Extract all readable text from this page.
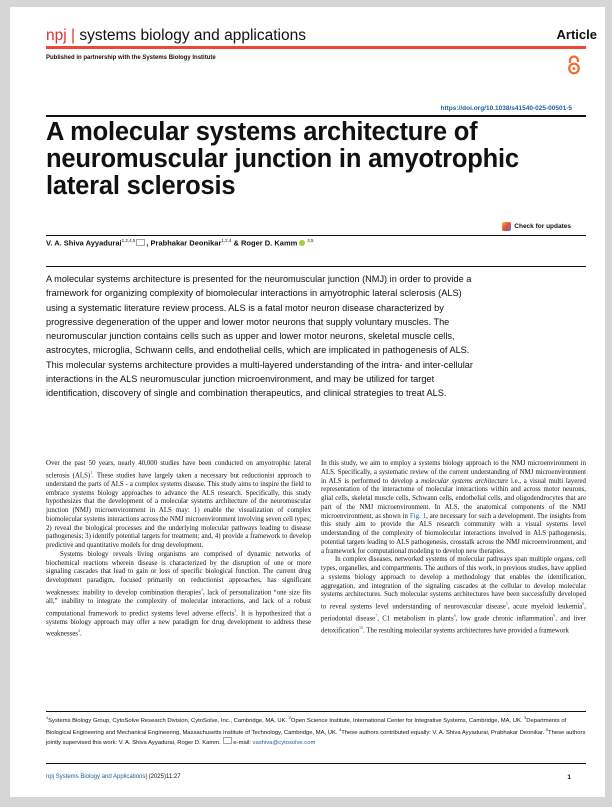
npj | systems biology and applications	Article
Published in partnership with the Systems Biology Institute
https://doi.org/10.1038/s41540-025-00501-5
A molecular systems architecture of neuromuscular junction in amyotrophic lateral sclerosis
Check for updates
V. A. Shiva Ayyadurai$^{1,2,4,5}$ , Prabhakar Deonikar$^{1,2,4}$ & Roger D. Kamm $^{3,5}$

A molecular systems architecture is presented for the neuromuscular junction (NMJ) in order to provide a framework for organizing complexity of biomolecular interactions in amyotrophic lateral sclerosis (ALS) using a systematic literature review process. ALS is a fatal motor neuron disease characterized by progressive degeneration of the upper and lower motor neurons that supply voluntary muscles. The neuromuscular junction contains cells such as upper and lower motor neurons, skeletal muscle cells, astrocytes, microglia, Schwann cells, and endothelial cells, which are implicated in pathogenesis of ALS. This molecular systems architecture provides a multi-layered understanding of the intra- and inter-cellular interactions in the ALS neuromuscular junction microenvironment, and may be utilized for target identification, discovery of single and combination therapeutics, and clinical strategies to treat ALS.

Over the past 50 years, nearly 40,000 studies have been conducted on amyotrophic lateral sclerosis (ALS)$^1$. These studies have largely taken a necessary but reductionist approach to understand the parts of ALS - a complex systems disease. This study aims to inspire the field to embrace systems biology approaches to advance the ALS research. Specifically, this study hypothesizes that the development of a molecular systems architecture of the neuromuscular junction (NMJ) microenvironment in ALS may: 1) enable the visualization of complex biomolecular systems interactions across the NMJ microenvironment involving seven cell types; 2) reveal the biological processes and the underlying molecular pathways leading to disease pathogenesis; 3) identify potential targets for treatment; and, 4) provide a framework to develop predictive and quantitative models for drug development.

Systems biology reveals living organisms are comprised of dynamic networks of biochemical reactions wherein disease is characterized by the disruption of one or more signaling cascades that lead to gain or loss of specific biological function. The current drug development paradigm, focused primarily on reductionist approaches, has significant weaknesses: inability to develop combination therapies$^2$, lack of personalization “one size fits all,” inability to integrate the complexity of molecular interactions, and lack of a robust computational framework to predict systems level adverse effects$^3$. It is hypothesized that a systems biology approach may offer a new paradigm for drug development to address these weaknesses$^4$.

In this study, we aim to employ a systems biology approach to the NMJ microenvironment in ALS. Specifically, a systematic review of the current understanding of NMJ microenvironment in ALS is performed to develop a molecular systems architecture i.e., a visual multi layered representation of the interactome of molecular interactions within and across motor neurons, glial cells, skeletal muscle cells, Schwann cells, endothelial cells, and oligodendrocytes that are part of the NMJ microenvironment. In ALS, the anatomical components of the NMJ microenvironment, as shown in Fig. 1, are necessary for such a development. The insights from this study aim to provide the ALS research community with a visual systems level understanding of the complexity of biomolecular interactions involved in ALS pathogenesis, potential targets leading to ALS pathogenesis, crosstalk across the NMJ microenvironment, and a framework for computational modeling to develop new therapies.

In complex diseases, networked systems of molecular pathways span multiple organs, cell types, organelles, and compartments. The authors of this work, in previous studies, have applied a systems biology approach to develop a methodology that enables the identification, aggregation, and integration of the signaling cascades at the cellular to develop molecular systems architectures. Such molecular systems architectures have been successfully developed to reveal systems level understanding of neurovascular disease$^5$, acute myeloid leukemia$^6$, periodontal disease$^7$, C1 metabolism in plants$^8$, low grade chronic inflammation$^9$, and liver detoxification$^{10}$. The resulting molecular systems architectures have provided a framework

$^1$Systems Biology Group, CytoSolve Research Division, CytoSolve, Inc., Cambridge, MA, UK. $^2$Open Science Institute, International Center for Integrative Systems, Cambridge, MA, UK. $^3$Departments of Biological Engineering and Mechanical Engineering, Massachusetts Institute of Technology, Cambridge, MA, UK. $^4$These authors contributed equally: V. A. Shiva Ayyadurai, Prabhakar Deonikar. $^5$These authors jointly supervised this work: V. A. Shiva Ayyadurai, Roger D. Kamm. e-mail: vashiva@cytosolve.com
npj Systems Biology and Applications| (2025)11:27	1
